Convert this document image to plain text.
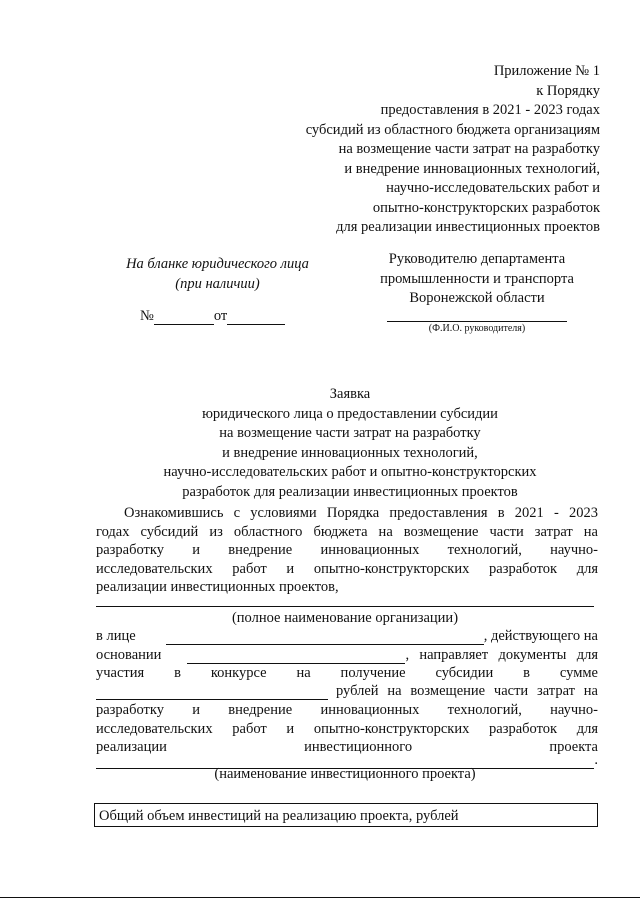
Приложение № 1
к Порядку
предоставления в 2021 - 2023 годах
субсидий из областного бюджета организациям
на возмещение части затрат на разработку
и внедрение инновационных технологий,
научно-исследовательских работ и
опытно-конструкторских разработок
для реализации инвестиционных проектов
На бланке юридического лица
(при наличии)
№	от
Руководителю департамента
промышленности и транспорта
Воронежской области
(Ф.И.О. руководителя)
Заявка
юридического лица о предоставлении субсидии
на возмещение части затрат на разработку
и внедрение инновационных технологий,
научно-исследовательских работ и опытно-конструкторских
разработок для реализации инвестиционных проектов
Ознакомившись с условиями Порядка предоставления в 2021 - 2023
годах субсидий из областного бюджета на возмещение части затрат на
разработку и внедрение инновационных технологий, научно-
исследовательских работ и опытно-конструкторских разработок для
реализации инвестиционных проектов,
(полное наименование организации)
в лице	, действующего на
основании	, направляет документы для
участия в конкурсе на получение субсидии в сумме
рублей на возмещение части затрат на
разработку и внедрение инновационных технологий, научно-
исследовательских работ и опытно-конструкторских разработок для
реализации инвестиционного проекта
.
(наименование инвестиционного проекта)
Общий объем инвестиций на реализацию проекта, рублей
